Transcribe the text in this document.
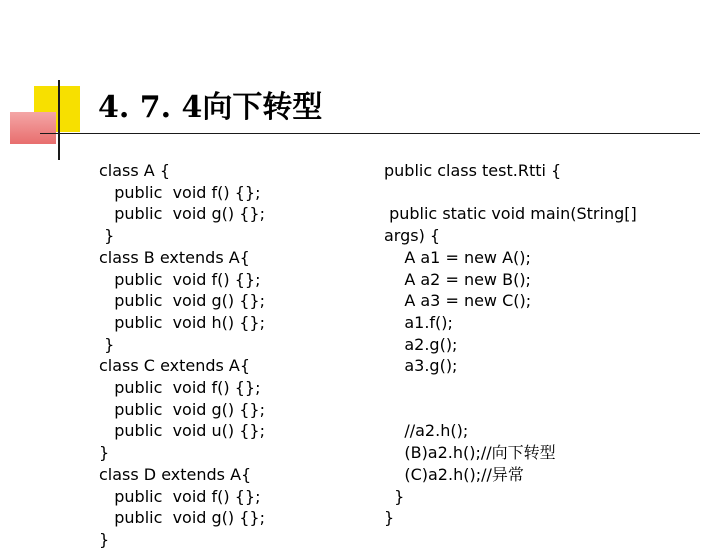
4. 7. 4向下转型
class A {
public  void f() {};
public  void g() {};
}
class B extends A{
public  void f() {};
public  void g() {};
public  void h() {};
}
class C extends A{
public  void f() {};
public  void g() {};
public  void u() {};
}
class D extends A{
public  void f() {};
public  void g() {};
}
public class test.Rtti {

public static void main(String[]
args) {
A a1 = new A();
A a2 = new B();
A a3 = new C();
a1.f();
a2.g();
a3.g();

//a2.h();
(B)a2.h();//向下转型
(C)a2.h();//异常
}
}
